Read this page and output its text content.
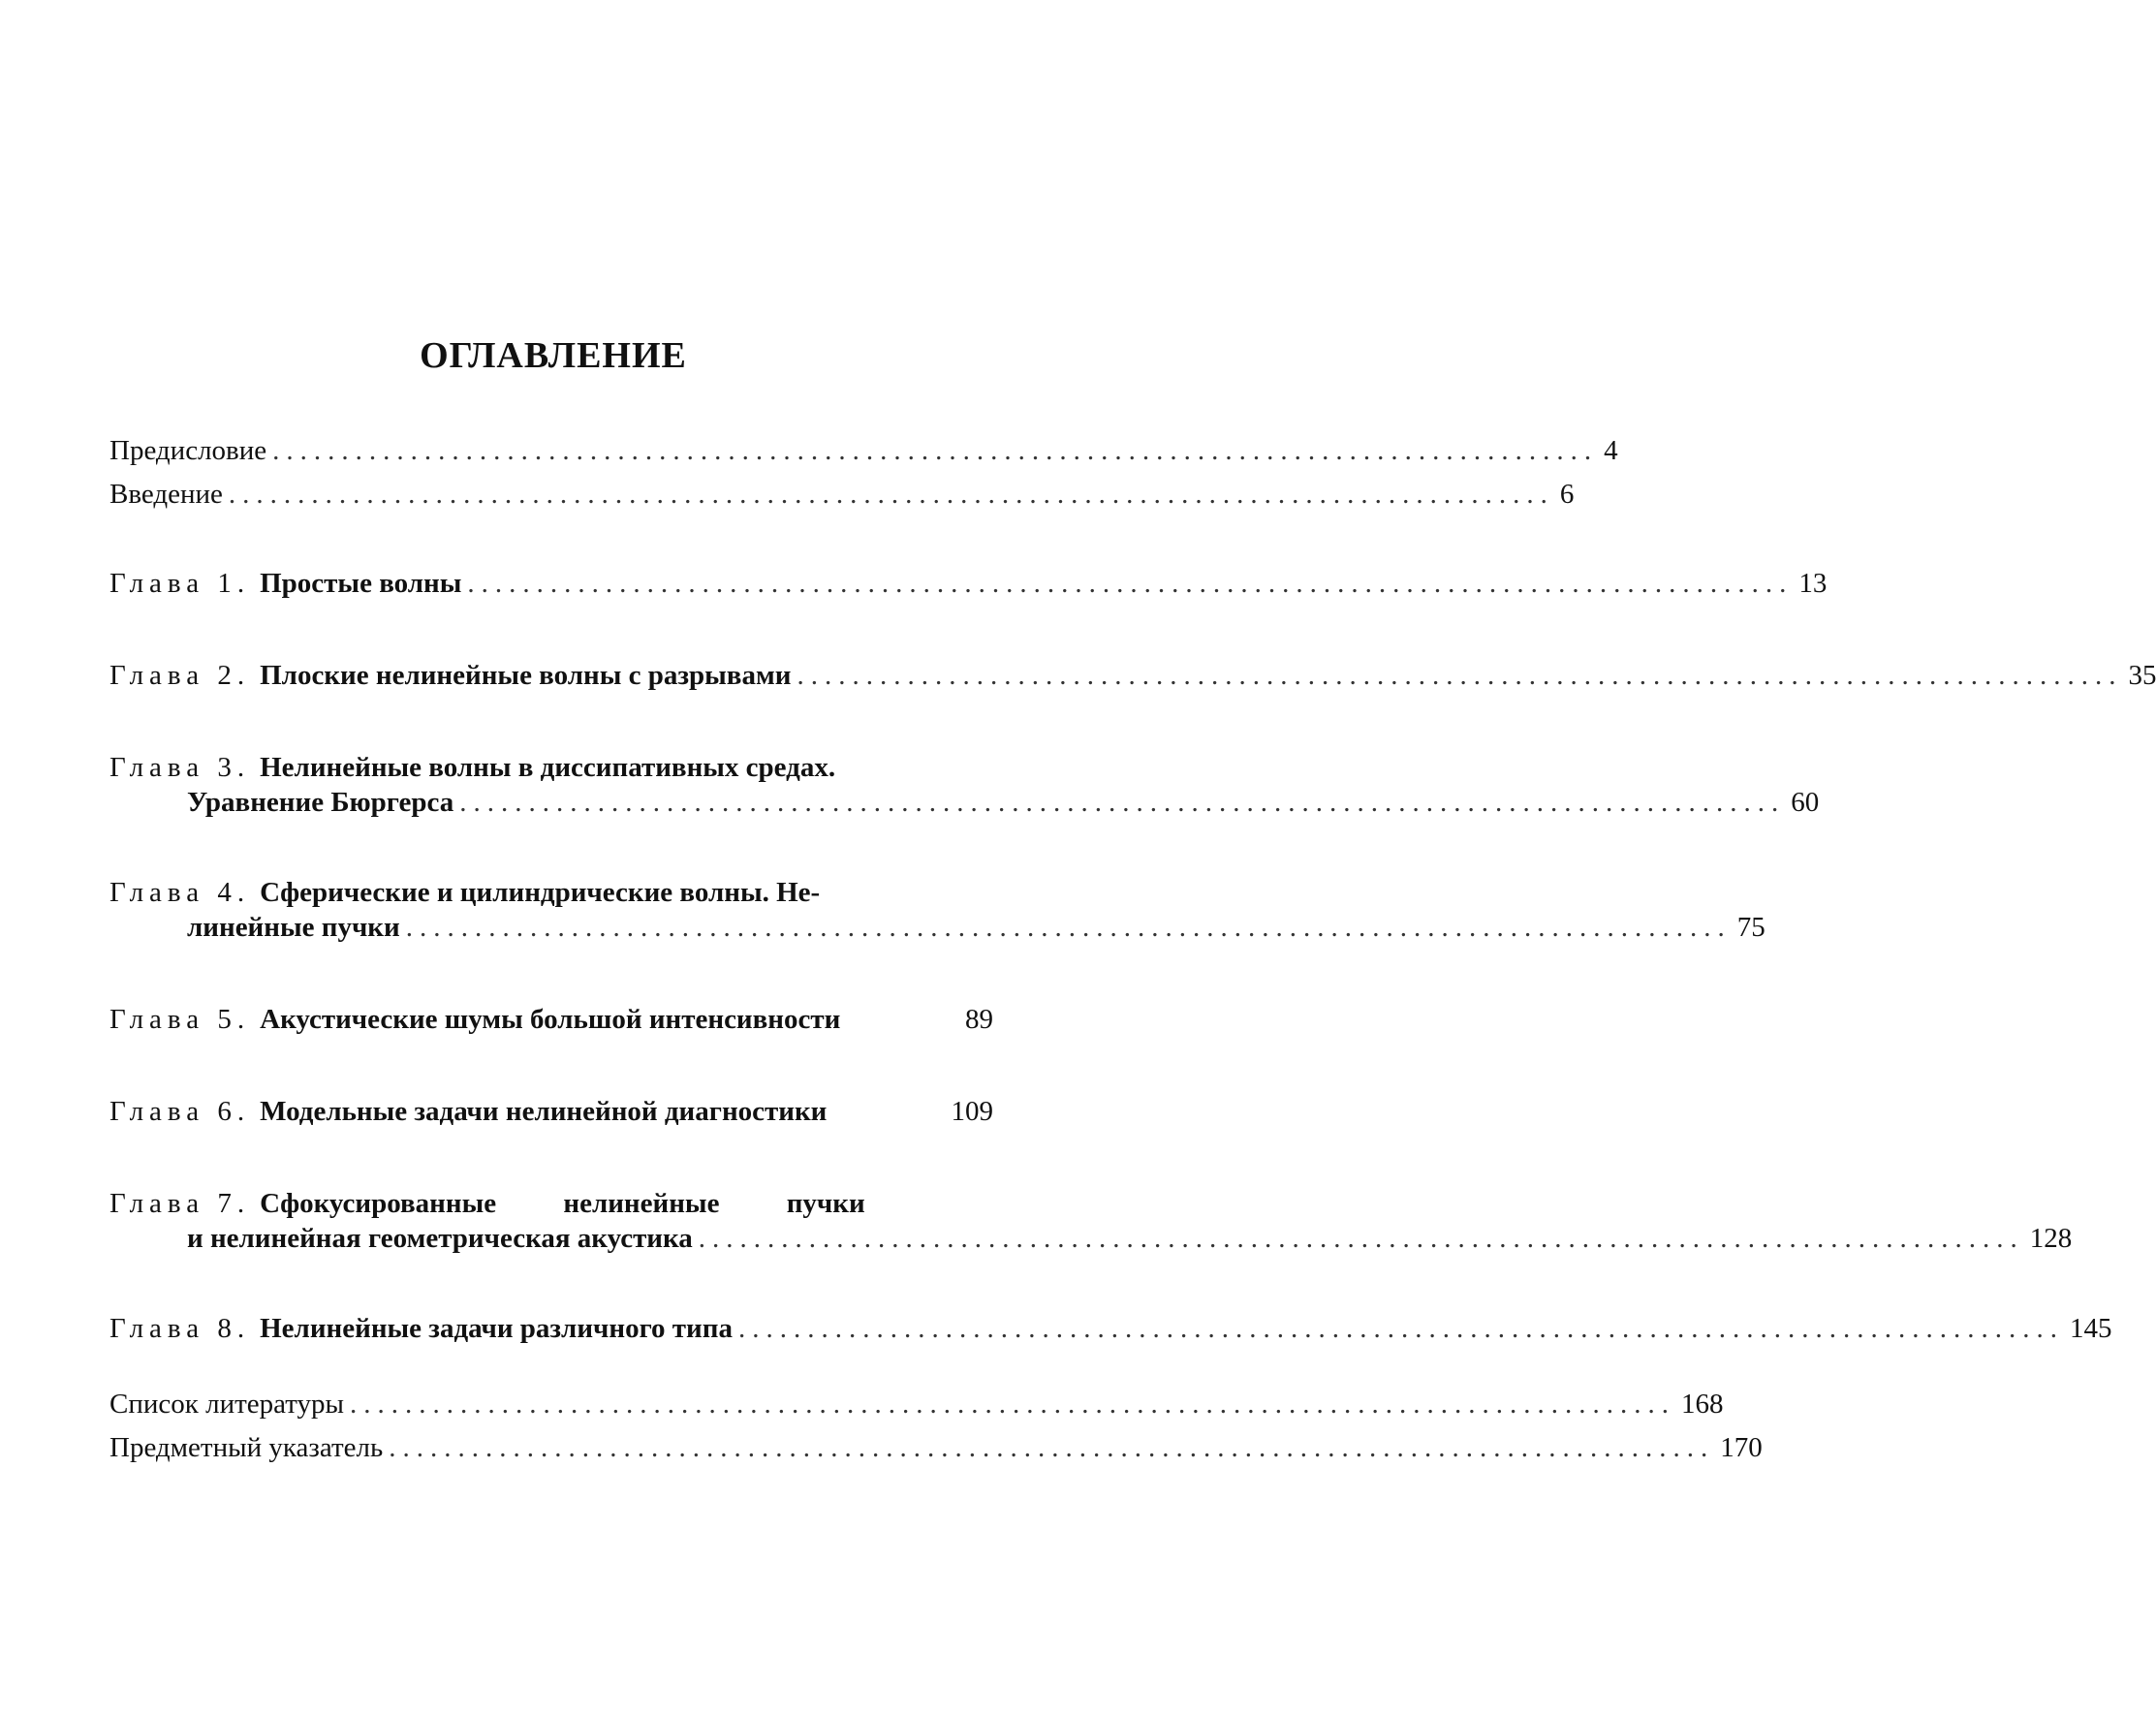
ОГЛАВЛЕНИЕ
Предисловие ................................................................................................ 4
Введение ................................................................................................ 6
Глава 1. Простые волны ................................................................................................ 13
Глава 2. Плоские нелинейные волны с разрывами ................................................................................................ 35
Глава 3. Нелинейные волны в диссипативных средах.
Уравнение Бюргерса ................................................................................................ 60
Глава 4. Сферические и цилиндрические волны. Не-
линейные пучки ................................................................................................ 75
Глава 5. Акустические шумы большой интенсивности	89
Глава 6. Модельные задачи нелинейной диагностики	109
Глава 7. Сфокусированные нелинейные пучки
и нелинейная геометрическая акустика ................................................................................................ 128
Глава 8. Нелинейные задачи различного типа ................................................................................................ 145
Список литературы ................................................................................................ 168
Предметный указатель ................................................................................................ 170
